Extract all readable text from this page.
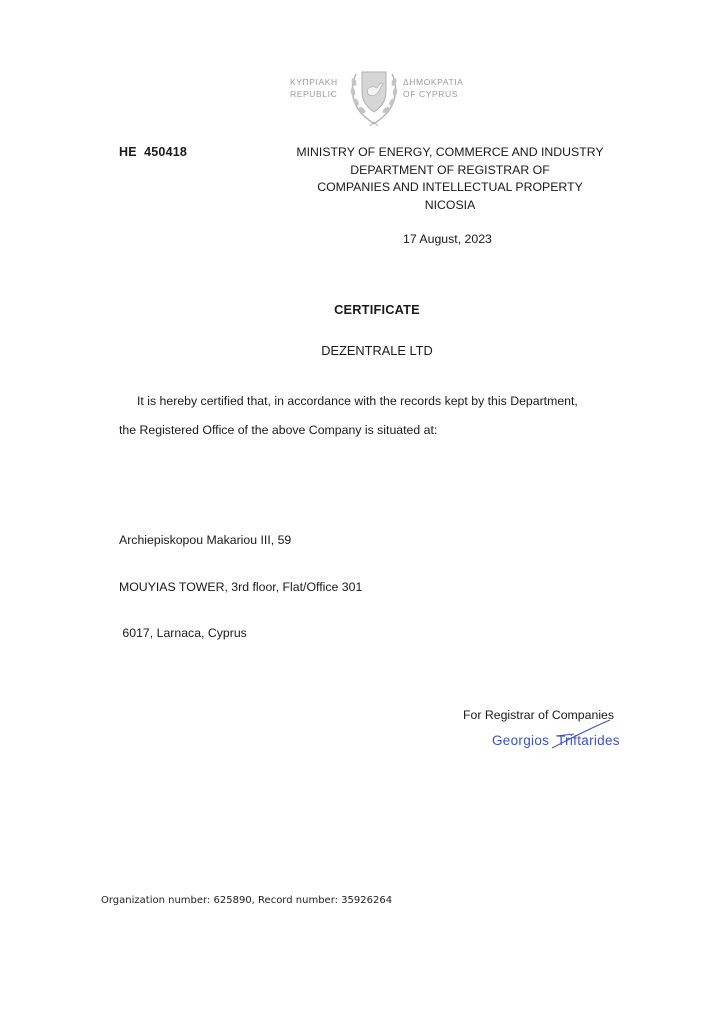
ΚΥΠΡΙΑΚΗ
REPUBLIC
ΔΗΜΟΚΡΑΤΙΑ
OF CYPRUS
HE  450418	MINISTRY OF ENERGY, COMMERCE AND INDUSTRY
DEPARTMENT OF REGISTRAR OF
COMPANIES AND INTELLECTUAL PROPERTY
NICOSIA
17 August, 2023
CERTIFICATE
DEZENTRALE LTD
It is hereby certified that, in accordance with the records kept by this Department,
the Registered Office of the above Company is situated at:

Archiepiskopou Makariou III, 59

MOUYIAS TOWER, 3rd floor, Flat/Office 301

6017, Larnaca, Cyprus

For Registrar of Companies
Georgios  Triftarides
Organization number: 625890, Record number: 35926264
